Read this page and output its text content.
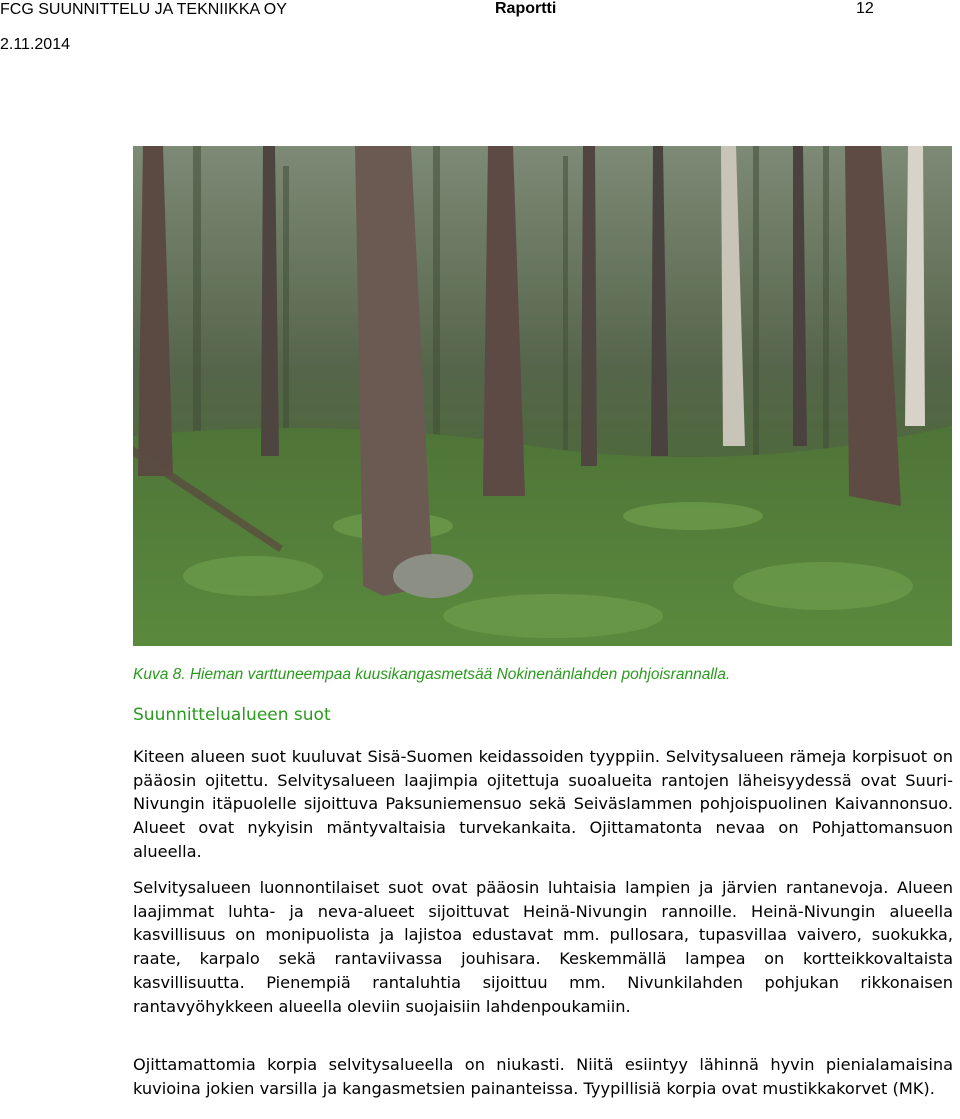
FCG SUUNNITTELU JA TEKNIIKKA OY	Raportti	12
2.11.2014
Kuva 8. Hieman varttuneempaa kuusikangasmetsää Nokinenänlahden pohjoisrannalla.
Suunnittelualueen suot

Kiteen alueen suot kuuluvat Sisä-Suomen keidassoiden tyyppiin. Selvitysalueen rämeja korpisuot on pääosin ojitettu. Selvitysalueen laajimpia ojitettuja suoalueita rantojen läheisyydessä ovat Suuri-Nivungin itäpuolelle sijoittuva Paksuniemensuo sekä Seiväslammen pohjoispuolinen Kaivannonsuo. Alueet ovat nykyisin mäntyvaltaisia turvekankaita. Ojittamatonta nevaa on Pohjattomansuon alueella.

Selvitysalueen luonnontilaiset suot ovat pääosin luhtaisia lampien ja järvien rantanevoja. Alueen laajimmat luhta- ja neva-alueet sijoittuvat Heinä-Nivungin rannoille. Heinä-Nivungin alueella kasvillisuus on monipuolista ja lajistoa edustavat mm. pullosara, tupasvillaa vaivero, suokukka, raate, karpalo sekä rantaviivassa jouhisara. Keskemmällä lampea on kortteikkovaltaista kasvillisuutta. Pienempiä rantaluhtia sijoittuu mm. Nivunkilahden pohjukan rikkonaisen rantavyöhykkeen alueella oleviin suojaisiin lahdenpoukamiin.

Ojittamattomia korpia selvitysalueella on niukasti. Niitä esiintyy lähinnä hyvin pienialamaisina kuvioina jokien varsilla ja kangasmetsien painanteissa. Tyypillisiä korpia ovat mustikkakorvet (MK).
